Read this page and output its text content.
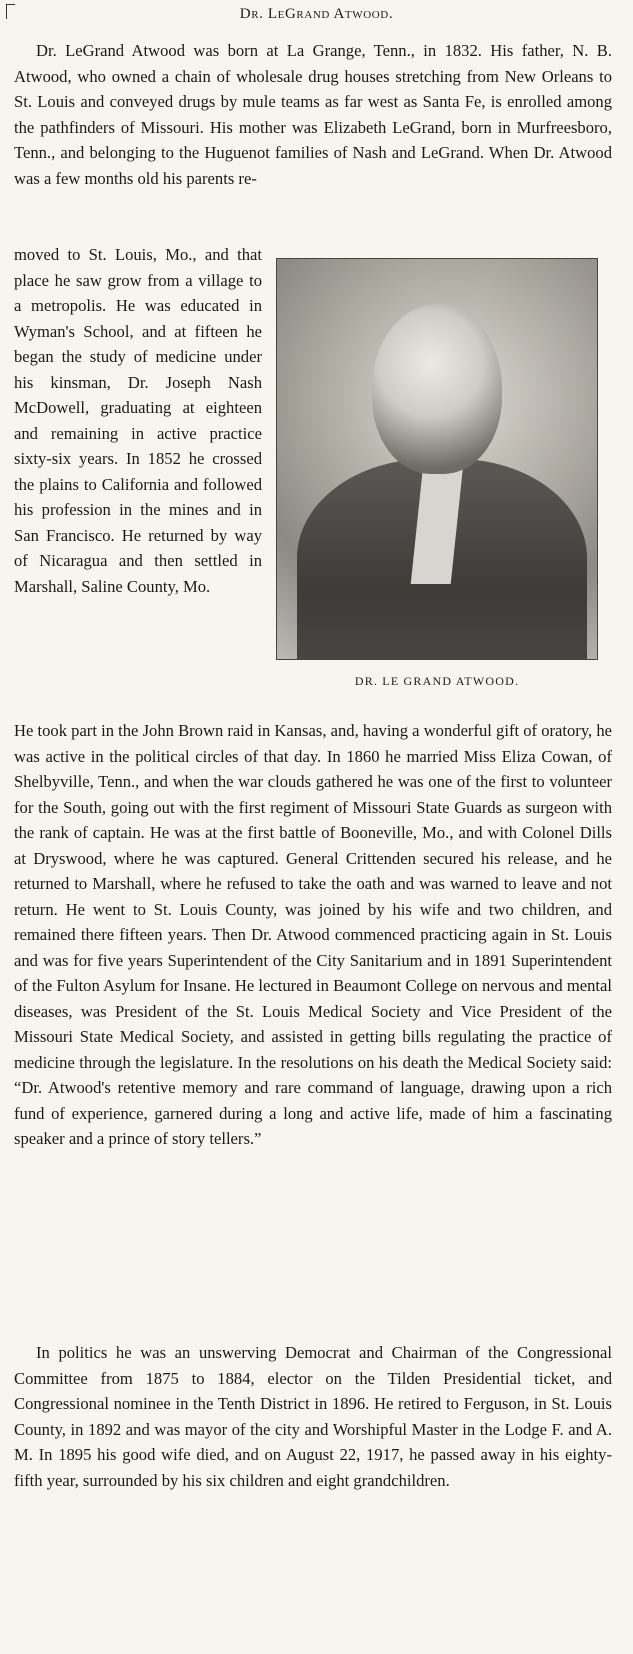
Dr. LeGrand Atwood.
Dr. LeGrand Atwood was born at La Grange, Tenn., in 1832. His father, N. B. Atwood, who owned a chain of wholesale drug houses stretching from New Orleans to St. Louis and conveyed drugs by mule teams as far west as Santa Fe, is enrolled among the pathfinders of Missouri. His mother was Elizabeth LeGrand, born in Murfreesboro, Tenn., and belonging to the Huguenot families of Nash and LeGrand. When Dr. Atwood was a few months old his parents re-
moved to St. Louis, Mo., and that place he saw grow from a village to a metropolis. He was educated in Wyman's School, and at fifteen he began the study of medicine under his kinsman, Dr. Joseph Nash McDowell, graduating at eighteen and remaining in active practice sixty-six years. In 1852 he crossed the plains to California and followed his profession in the mines and in San Francisco. He returned by way of Nicaragua and then settled in Marshall, Saline County, Mo.
DR. LE GRAND ATWOOD.
He took part in the John Brown raid in Kansas, and, having a wonderful gift of oratory, he was active in the political circles of that day. In 1860 he married Miss Eliza Cowan, of Shelbyville, Tenn., and when the war clouds gathered he was one of the first to volunteer for the South, going out with the first regiment of Missouri State Guards as surgeon with the rank of captain. He was at the first battle of Booneville, Mo., and with Colonel Dills at Dryswood, where he was captured. General Crittenden secured his release, and he returned to Marshall, where he refused to take the oath and was warned to leave and not return. He went to St. Louis County, was joined by his wife and two children, and remained there fifteen years. Then Dr. Atwood commenced practicing again in St. Louis and was for five years Superintendent of the City Sanitarium and in 1891 Superintendent of the Fulton Asylum for Insane. He lectured in Beaumont College on nervous and mental diseases, was President of the St. Louis Medical Society and Vice President of the Missouri State Medical Society, and assisted in getting bills regulating the practice of medicine through the legislature. In the resolutions on his death the Medical Society said: “Dr. Atwood's retentive memory and rare command of language, drawing upon a rich fund of experience, garnered during a long and active life, made of him a fascinating speaker and a prince of story tellers.”
In politics he was an unswerving Democrat and Chairman of the Congressional Committee from 1875 to 1884, elector on the Tilden Presidential ticket, and Congressional nominee in the Tenth District in 1896. He retired to Ferguson, in St. Louis County, in 1892 and was mayor of the city and Worshipful Master in the Lodge F. and A. M. In 1895 his good wife died, and on August 22, 1917, he passed away in his eighty-fifth year, surrounded by his six children and eight grandchildren.
